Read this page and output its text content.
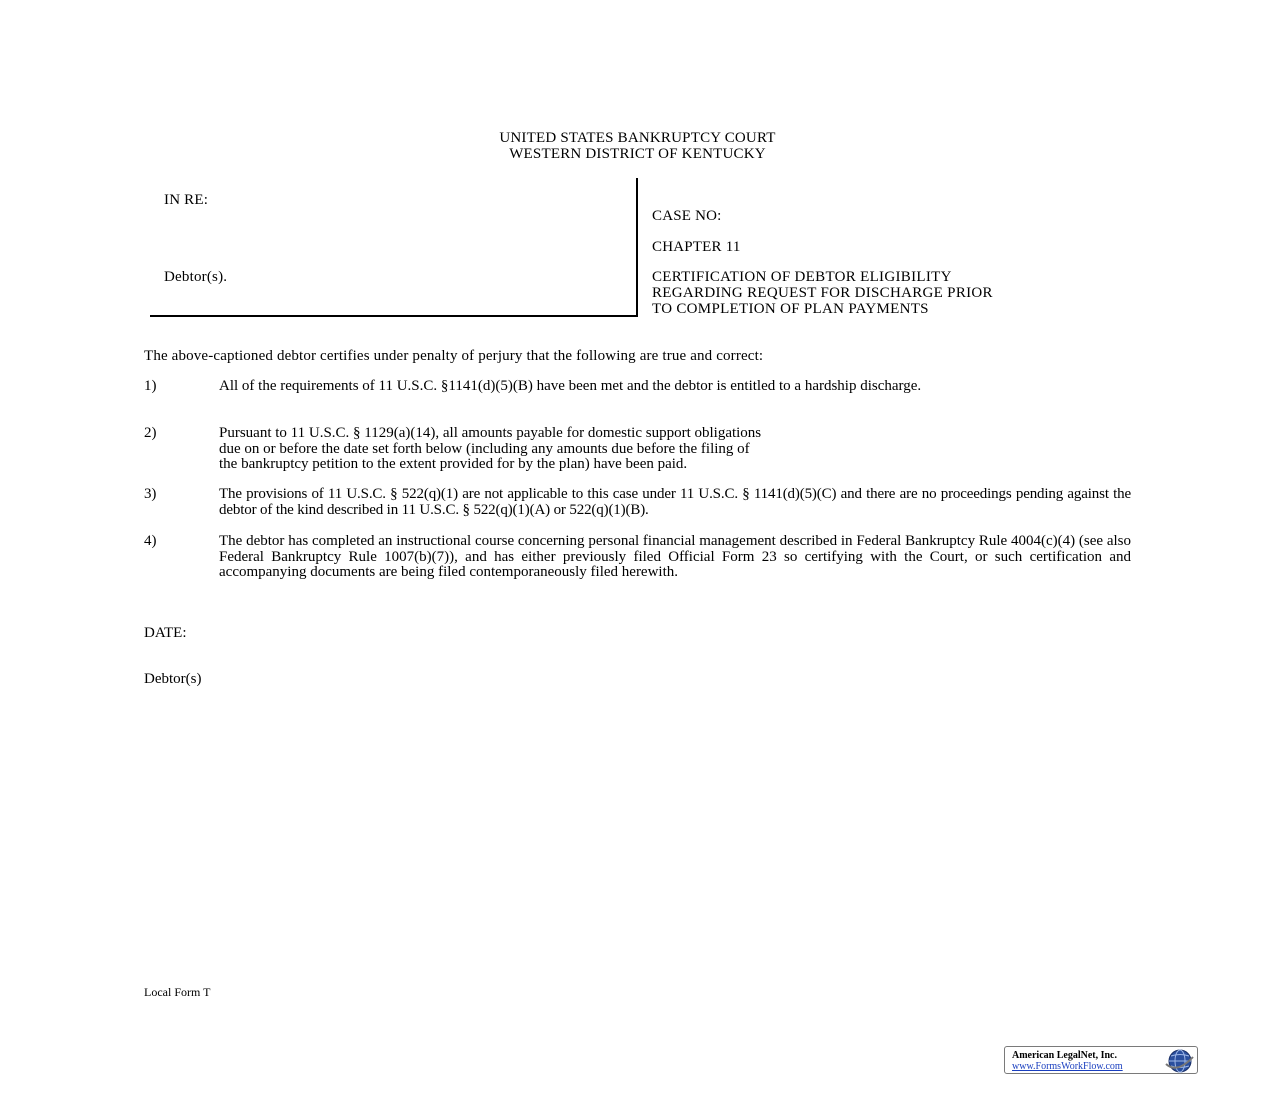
UNITED STATES BANKRUPTCY COURT
WESTERN DISTRICT OF KENTUCKY
IN RE:
Debtor(s).
CASE NO:
CHAPTER 11
CERTIFICATION OF DEBTOR ELIGIBILITY
REGARDING REQUEST FOR DISCHARGE PRIOR
TO COMPLETION OF PLAN PAYMENTS
The above-captioned debtor certifies under penalty of perjury that the following are true and correct:
1)	All of the requirements of 11 U.S.C. §1141(d)(5)(B) have been met and the debtor is entitled to a hardship discharge.
2)	Pursuant to 11 U.S.C. § 1129(a)(14), all amounts payable for domestic support obligations
due on or before the date set forth below (including any amounts due before the filing of
the bankruptcy petition to the extent provided for by the plan) have been paid.
3)	The provisions of 11 U.S.C. § 522(q)(1) are not applicable to this case under 11 U.S.C. § 1141(d)(5)(C) and there are no proceedings pending against the debtor of the kind described in 11 U.S.C. § 522(q)(1)(A) or 522(q)(1)(B).
4)	The debtor has completed an instructional course concerning personal financial management described in Federal Bankruptcy Rule 4004(c)(4) (see also Federal Bankruptcy Rule 1007(b)(7)), and has either previously filed Official Form 23 so certifying with the Court, or such certification and accompanying documents are being filed contemporaneously filed herewith.
DATE:
Debtor(s)
Local Form T
American LegalNet, Inc.
www.FormsWorkFlow.com
